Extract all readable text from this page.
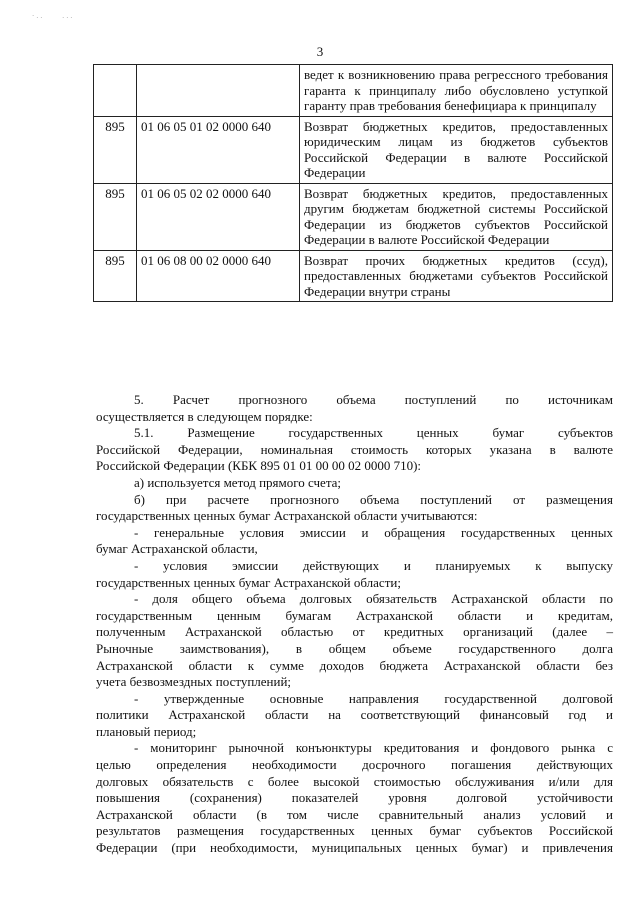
` · ·	· · ·
3
		ведет к возникновению права регрессного требования гаранта к принципалу либо обусловлено уступкой гаранту прав требования бенефициара к принципалу
895	01 06 05 01 02 0000 640	Возврат бюджетных кредитов, предоставленных юридическим лицам из бюджетов субъектов Российской Федерации в валюте Российской Федерации
895	01 06 05 02 02 0000 640	Возврат бюджетных кредитов, предоставленных другим бюджетам бюджетной системы Российской Федерации из бюджетов субъектов Российской Федерации в валюте Российской Федерации
895	01 06 08 00 02 0000 640	Возврат прочих бюджетных кредитов (ссуд), предоставленных бюджетами субъектов Российской Федерации внутри страны

5. Расчет прогнозного объема поступлений по источникам

осуществляется в следующем порядке:

5.1. Размещение государственных ценных бумаг субъектов

Российской Федерации, номинальная стоимость которых указана в валюте

Российской Федерации (КБК 895 01 01 00 00 02 0000 710):

а) используется метод прямого счета;

б) при расчете прогнозного объема поступлений от размещения

государственных ценных бумаг Астраханской области учитываются:

- генеральные условия эмиссии и обращения государственных ценных

бумаг Астраханской области,

- условия эмиссии действующих и планируемых к выпуску

государственных ценных бумаг Астраханской области;

- доля общего объема долговых обязательств Астраханской области по

государственным ценным бумагам Астраханской области и кредитам,

полученным Астраханской областью от кредитных организаций (далее –

Рыночные заимствования), в общем объеме государственного долга

Астраханской области к сумме доходов бюджета Астраханской области без

учета безвозмездных поступлений;

- утвержденные основные направления государственной долговой

политики Астраханской области на соответствующий финансовый год и

плановый период;

- мониторинг рыночной конъюнктуры кредитования и фондового рынка с

целью определения необходимости досрочного погашения действующих

долговых обязательств с более высокой стоимостью обслуживания и/или для

повышения (сохранения) показателей уровня долговой устойчивости

Астраханской области (в том числе сравнительный анализ условий и

результатов размещения государственных ценных бумаг субъектов Российской

Федерации (при необходимости, муниципальных ценных бумаг) и привлечения
